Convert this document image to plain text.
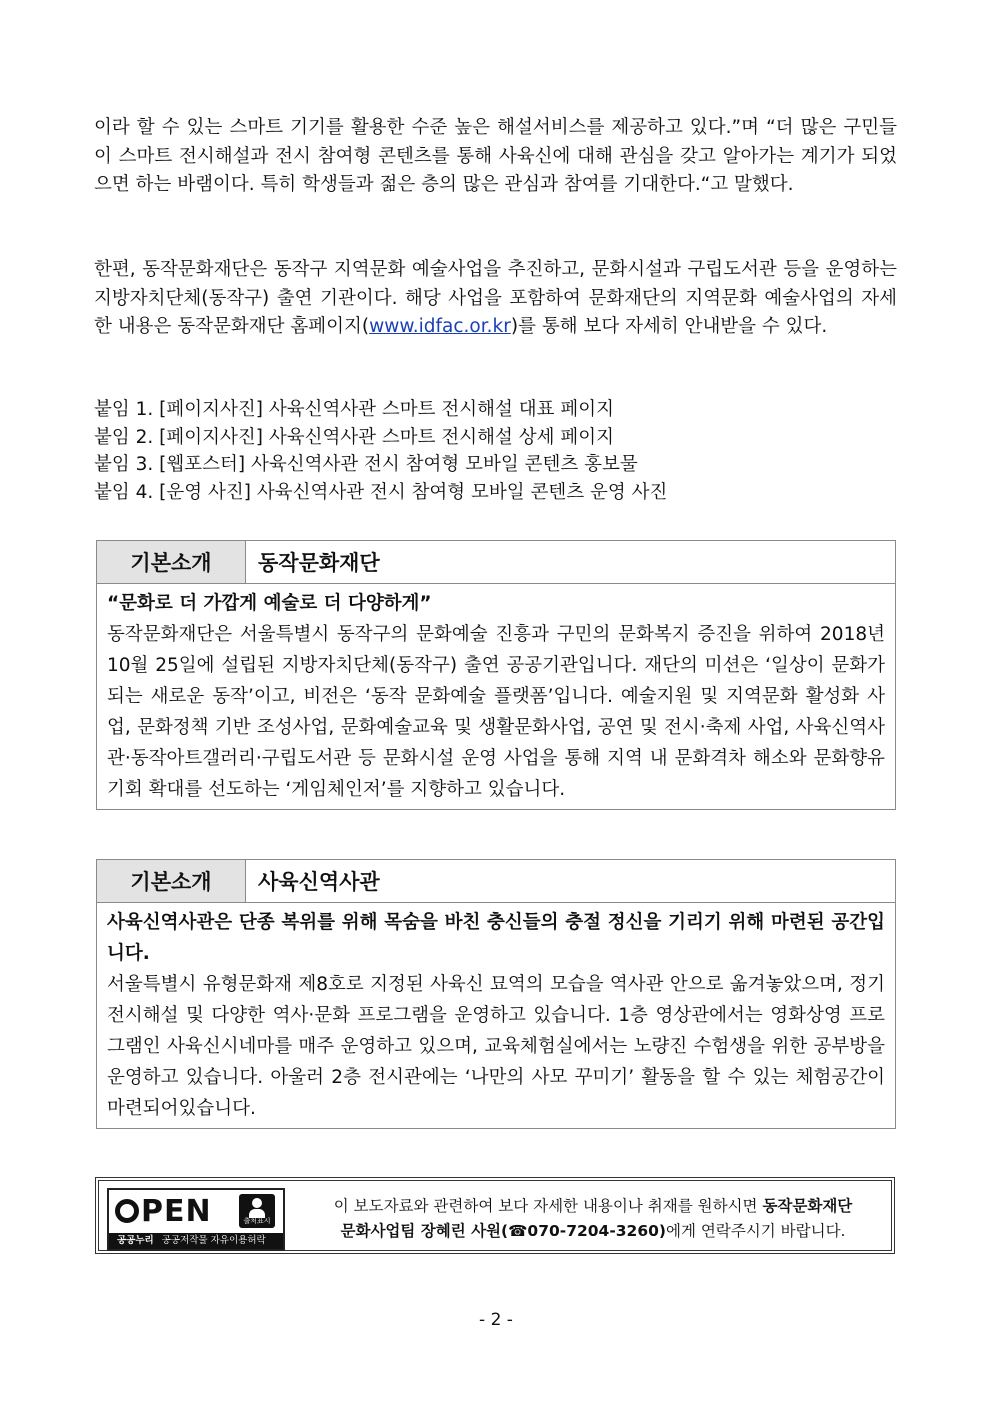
이라 할 수 있는 스마트 기기를 활용한 수준 높은 해설서비스를 제공하고 있다.”며 “더 많은 구민들이 스마트 전시해설과 전시 참여형 콘텐츠를 통해 사육신에 대해 관심을 갖고 알아가는 계기가 되었으면 하는 바램이다. 특히 학생들과 젊은 층의 많은 관심과 참여를 기대한다.“고 말했다.

한편, 동작문화재단은 동작구 지역문화 예술사업을 추진하고, 문화시설과 구립도서관 등을 운영하는 지방자치단체(동작구) 출연 기관이다. 해당 사업을 포함하여 문화재단의 지역문화 예술사업의 자세한 내용은 동작문화재단 홈페이지(www.idfac.or.kr)를 통해 보다 자세히 안내받을 수 있다.

붙임 1. [페이지사진] 사육신역사관 스마트 전시해설 대표 페이지
붙임 2. [페이지사진] 사육신역사관 스마트 전시해설 상세 페이지
붙임 3. [웹포스터] 사육신역사관 전시 참여형 모바일 콘텐츠 홍보물
붙임 4. [운영 사진] 사육신역사관 전시 참여형 모바일 콘텐츠 운영 사진
기본소개	동작문화재단

“문화로 더 가깝게 예술로 더 다양하게”

동작문화재단은 서울특별시 동작구의 문화예술 진흥과 구민의 문화복지 증진을 위하여 2018년 10월 25일에 설립된 지방자치단체(동작구) 출연 공공기관입니다. 재단의 미션은 ‘일상이 문화가 되는 새로운 동작’이고, 비전은 ‘동작 문화예술 플랫폼’입니다. 예술지원 및 지역문화 활성화 사업, 문화정책 기반 조성사업, 문화예술교육 및 생활문화사업, 공연 및 전시·축제 사업, 사육신역사관·동작아트갤러리·구립도서관 등 문화시설 운영 사업을 통해 지역 내 문화격차 해소와 문화향유 기회 확대를 선도하는 ‘게임체인저’를 지향하고 있습니다.

기본소개	사육신역사관

사육신역사관은 단종 복위를 위해 목숨을 바친 충신들의 충절 정신을 기리기 위해 마련된 공간입니다.

서울특별시 유형문화재 제8호로 지정된 사육신 묘역의 모습을 역사관 안으로 옮겨놓았으며, 정기 전시해설 및 다양한 역사·문화 프로그램을 운영하고 있습니다. 1층 영상관에서는 영화상영 프로그램인 사육신시네마를 매주 운영하고 있으며, 교육체험실에서는 노량진 수험생을 위한 공부방을 운영하고 있습니다. 아울러 2층 전시관에는 ‘나만의 사모 꾸미기’ 활동을 할 수 있는 체험공간이 마련되어있습니다.

PEN	출처표시
공공누리 공공저작물 자유이용허락
이 보도자료와 관련하여 보다 자세한 내용이나 취재를 원하시면 동작문화재단
문화사업팀 장혜린 사원(☎070-7204-3260)에게 연락주시기 바랍니다.
- 2 -
